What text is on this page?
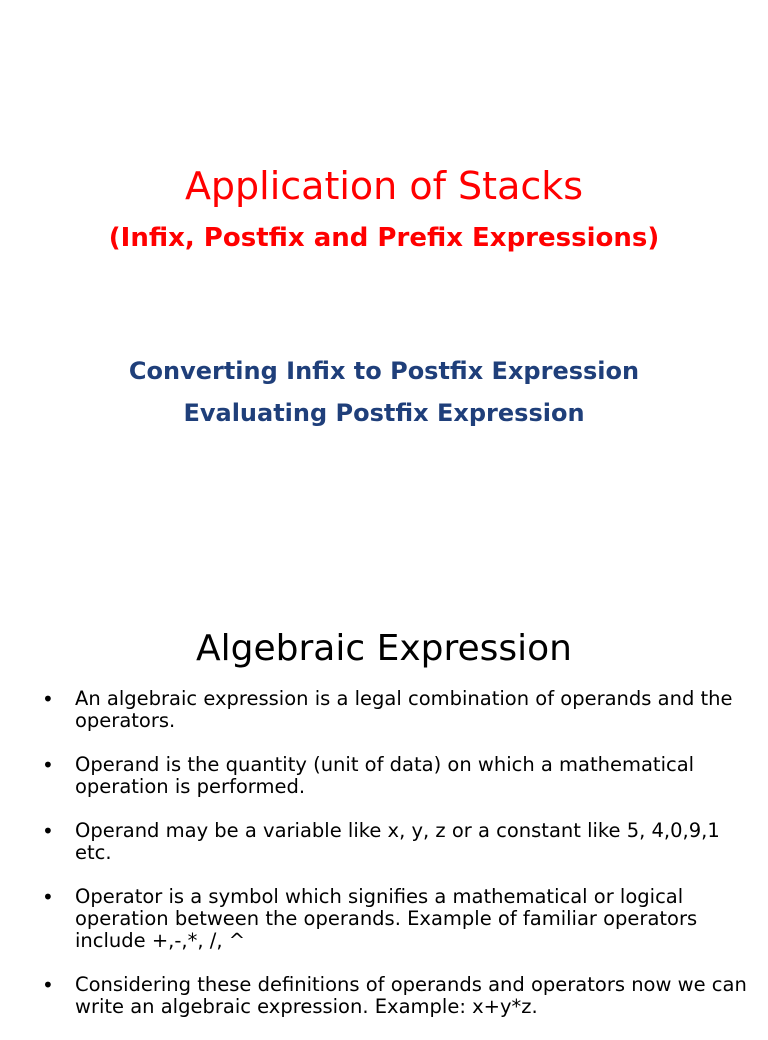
Application of Stacks
(Infix, Postfix and Prefix Expressions)
Converting Infix to Postfix Expression
Evaluating Postfix Expression
Algebraic Expression
• An algebraic expression is a legal combination of operands and the operators.
• Operand is the quantity (unit of data) on which a mathematical operation is performed.
• Operand may be a variable like x, y, z or a constant like 5, 4,0,9,1 etc.
• Operator is a symbol which signifies a mathematical or logical operation between the operands. Example of familiar operators include +,-,*, /, ^
• Considering these definitions of operands and operators now we can write an algebraic expression. Example: x+y*z.
